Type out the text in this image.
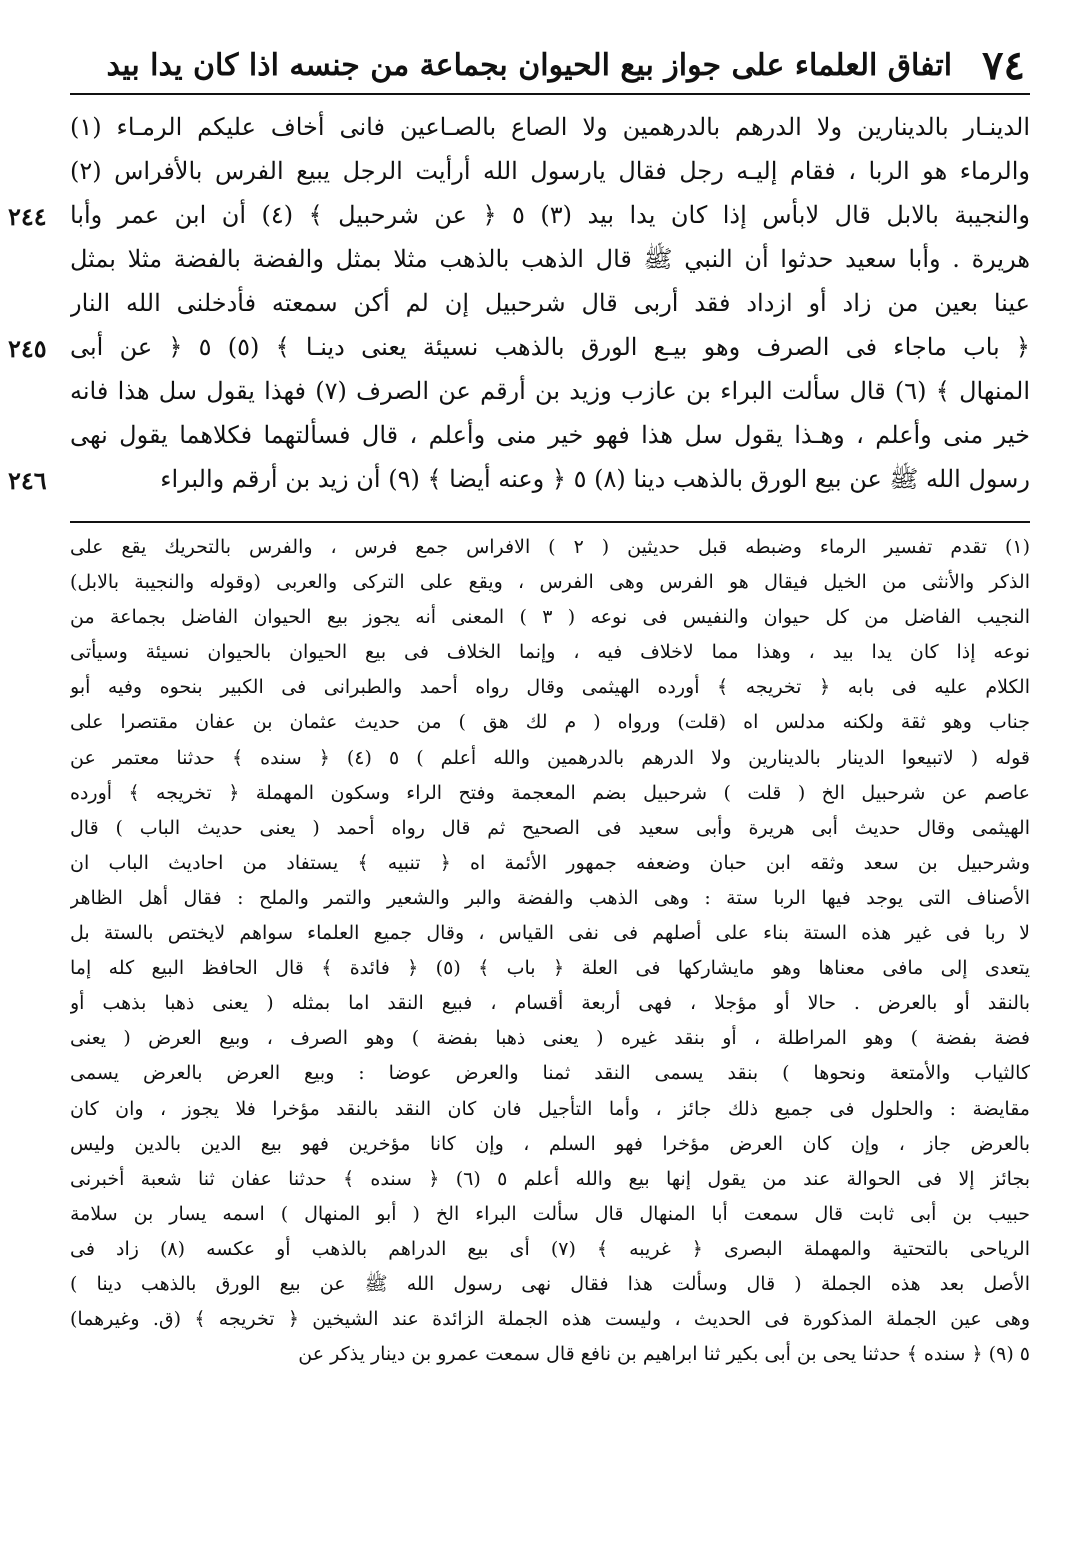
٧٤
اتفاق العلماء على جواز بيع الحيوان بجماعة من جنسه اذا كان يدا بيد
الدينـار بالدينارين ولا الدرهم بالدرهمين ولا الصاع بالصـاعين فانى أخاف عليكم الرمـاء (١)
والرماء هو الربا ، فقام إليـه رجل فقال يارسول الله أرأيت الرجل يبيع الفرس بالأفراس (٢)
والنجيبة بالابل قال لابأس إذا كان يدا بيد (٣) ٥ ﴿ عن شرحبيل ﴾ (٤) أن ابن عمر وأبا
٢٤٤
هريرة . وأبا سعيد حدثوا أن النبي ﷺ قال الذهب بالذهب مثلا بمثل والفضة بالفضة مثلا بمثل
عينا بعين من زاد أو ازداد فقد أربى قال شرحبيل إن لم أكن سمعته فأدخلنى الله النار
﴿ باب ماجاء فى الصرف وهو بيـع الورق بالذهب نسيئة يعنى دينـا ﴾ (٥) ٥ ﴿ عن أبى
٢٤٥
المنهال ﴾ (٦) قال سألت البراء بن عازب وزيد بن أرقم عن الصرف (٧) فهذا يقول سل هذا فانه
خير منى وأعلم ، وهـذا يقول سل هذا فهو خير منى وأعلم ، قال فسألتهما فكلاهما يقول نهى
رسول الله ﷺ عن بيع الورق بالذهب دينا (٨) ٥ ﴿ وعنه أيضا ﴾ (٩) أن زيد بن أرقم والبراء
٢٤٦
(١) تقدم تفسير الرماء وضبطه قبل حديثين ( ٢ ) الافراس جمع فرس ، والفرس بالتحريك يقع على
الذكر والأنثى من الخيل فيقال هو الفرس وهى الفرس ، ويقع على التركى والعربى (وقوله والنجيبة بالابل)
النجيب الفاضل من كل حيوان والنفيس فى نوعه ( ٣ ) المعنى أنه يجوز بيع الحيوان الفاضل بجماعة من
نوعه إذا كان يدا بيد ، وهذا مما لاخلاف فيه ، وإنما الخلاف فى بيع الحيوان بالحيوان نسيئة وسيأتى
الكلام عليه فى بابه ﴿ تخريجه ﴾ أورده الهيثمى وقال رواه أحمد والطبرانى فى الكبير بنحوه وفيه أبو
جناب وهو ثقة ولكنه مدلس اه (قلت) ورواه ( م لك هق ) من حديث عثمان بن عفان مقتصرا على
قوله ( لاتبيعوا الدينار بالدينارين ولا الدرهم بالدرهمين والله أعلم ) ٥ (٤) ﴿ سنده ﴾ حدثنا معتمر عن
عاصم عن شرحبيل الخ ( قلت ) شرحبيل بضم المعجمة وفتح الراء وسكون المهملة ﴿ تخريجه ﴾ أورده
الهيثمى وقال حديث أبى هريرة وأبى سعيد فى الصحيح ثم قال رواه أحمد ( يعنى حديث الباب ) قال
وشرحبيل بن سعد وثقه ابن حبان وضعفه جمهور الأئمة اه ﴿ تنبيه ﴾ يستفاد من احاديث الباب ان
الأصناف التى يوجد فيها الربا ستة : وهى الذهب والفضة والبر والشعير والتمر والملح : فقال أهل الظاهر
لا ربا فى غير هذه الستة بناء على أصلهم فى نفى القياس ، وقال جميع العلماء سواهم لايختص بالستة بل
يتعدى إلى مافى معناها وهو مايشاركها فى العلة ﴿ باب ﴾ (٥) ﴿ فائدة ﴾ قال الحافظ البيع كله إما
بالنقد أو بالعرض . حالا أو مؤجلا ، فهى أربعة أقسام ، فبيع النقد اما بمثله ( يعنى ذهبا بذهب أو
فضة بفضة ) وهو المراطلة ، أو بنقد غيره ( يعنى ذهبا بفضة ) وهو الصرف ، وبيع العرض ( يعنى
كالثياب والأمتعة ونحوها ) بنقد يسمى النقد ثمنا والعرض عوضا : وبيع العرض بالعرض يسمى
مقايضة : والحلول فى جميع ذلك جائز ، وأما التأجيل فان كان النقد بالنقد مؤخرا فلا يجوز ، وان كان
بالعرض جاز ، وإن كان العرض مؤخرا فهو السلم ، وإن كانا مؤخرين فهو بيع الدين بالدين وليس
بجائز إلا فى الحوالة عند من يقول إنها بيع والله أعلم ٥ (٦) ﴿ سنده ﴾ حدثنا عفان ثنا شعبة أخبرنى
حبيب بن أبى ثابت قال سمعت أبا المنهال قال سألت البراء الخ ( أبو المنهال ) اسمه يسار بن سلامة
الرياحى بالتحتية والمهملة البصرى ﴿ غريبه ﴾ (٧) أى بيع الدراهم بالذهب أو عكسه (٨) زاد فى
الأصل بعد هذه الجملة ( قال وسألت هذا فقال نهى رسول الله ﷺ عن بيع الورق بالذهب دينا )
وهى عين الجملة المذكورة فى الحديث ، وليست هذه الجملة الزائدة عند الشيخين ﴿ تخريجه ﴾ (ق. وغيرهما)
٥ (٩) ﴿ سنده ﴾ حدثنا يحى بن أبى بكير ثنا ابراهيم بن نافع قال سمعت عمرو بن دينار يذكر عن
